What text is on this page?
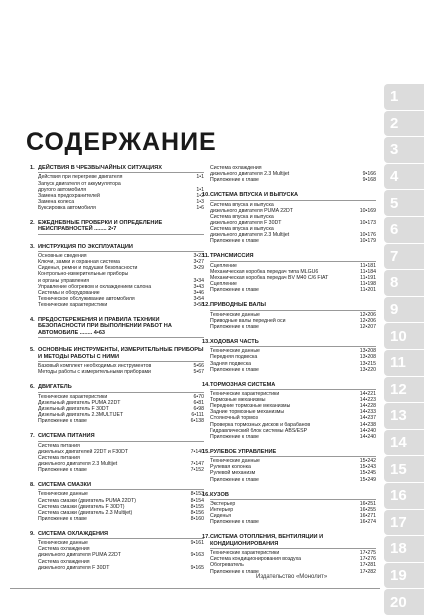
СОДЕРЖАНИЕ
1. ДЕЙСТВИЯ В ЧРЕЗВЫЧАЙНЫХ СИТУАЦИЯХ
Действия при перегреве двигателя	1•1
Запуск двигателя от аккумулятора
другого автомобиля	1•1
Замена предохранителей	1•2
Замена колеса	1•3
Буксировка автомобиля	1•6
2. ЕЖЕДНЕВНЫЕ ПРОВЕРКИ И ОПРЕДЕЛЕНИЕ НЕИСПРАВНОСТЕЙ ........ 2•7
3. ИНСТРУКЦИЯ ПО ЭКСПЛУАТАЦИИ
Основные сведения	3•23
Ключи, замки и охранная система	3•27
Сиденья, ремни и подушки безопасности	3•29
Контрольно-измерительные приборы
и органы управления	3•34
Управление обогревом и охлаждением салона	3•43
Системы и оборудование	3•46
Техническое обслуживание автомобиля	3•54
Технические характеристики	3•58
4. ПРЕДОСТЕРЕЖЕНИЯ И ПРАВИЛА ТЕХНИКИ БЕЗОПАСНОСТИ ПРИ ВЫПОЛНЕНИИ РАБОТ НА АВТОМОБИЛЕ ........ 4•63
5. ОСНОВНЫЕ ИНСТРУМЕНТЫ, ИЗМЕРИТЕЛЬНЫЕ ПРИБОРЫ И МЕТОДЫ РАБОТЫ С НИМИ
Базовый комплект необходимых инструментов	5•66
Методы работы с измерительными приборами	5•67
6. ДВИГАТЕЛЬ
Технические характеристики	6•70
Дизельный двигатель PUMA 22DT	6•81
Дизельный двигатель F 30DT	6•98
Дизельный двигатель 2.3MULTIJET	6•111
Приложение к главе	6•138
7. СИСТЕМА ПИТАНИЯ
Система питания
дизельных двигателей 22DT и F30DT	7•140
Система питания
дизельного двигателя 2.3 Multijet	7•147
Приложение к главе	7•152
8. СИСТЕМА СМАЗКИ
Технические данные	8•153
Система смазки (двигатель PUMA 22DT)	8•154
Система смазки (двигатель F 30DT)	8•155
Система смазки (двигатель 2.3 Multijet)	8•156
Приложение к главе	8•160
9. СИСТЕМА ОХЛАЖДЕНИЯ
Технические данные	9•161
Система охлаждения
дизельного двигателя PUMA 22DT	9•163
Система охлаждения
дизельного двигателя F 30DT	9•165
Система охлаждения
дизельного двигателя 2.3 Multijet	9•166
Приложение к главе	9•168
10. СИСТЕМА ВПУСКА И ВЫПУСКА
Система впуска и выпуска
дизельного двигателя PUMA 22DT	10•169
Система впуска и выпуска
дизельного двигателя F 30DT	10•173
Система впуска и выпуска
дизельного двигателя 2.3 Multijet	10•176
Приложение к главе	10•179
11. ТРАНСМИССИЯ
Сцепление	11•181
Механическая коробка передач типа MLGU6	11•184
Механическая коробка передач BV M40 C/6 FIAT	11•191
Сцепление	11•198
Приложение к главе	11•201
12. ПРИВОДНЫЕ ВАЛЫ
Технические данные	12•206
Приводные валы передней оси	12•206
Приложение к главе	12•207
13. ХОДОВАЯ ЧАСТЬ
Технические данные	13•208
Передняя подвеска	13•208
Задняя подвеска	13•215
Приложение к главе	13•220
14. ТОРМОЗНАЯ СИСТЕМА
Технические характеристики	14•221
Тормозные механизмы	14•223
Передние тормозные механизмы	14•228
Задние тормозные механизмы	14•233
Стояночный тормоз	14•237
Проверка тормозных дисков и барабанов	14•238
Гидравлический блок системы ABS/ESP	14•240
Приложение к главе	14•240
15. РУЛЕВОЕ УПРАВЛЕНИЕ
Технические данные	15•242
Рулевая колонка	15•243
Рулевой механизм	15•245
Приложение к главе	15•249
16. КУЗОВ
Экстерьер	16•251
Интерьер	16•255
Сиденья	16•271
Приложение к главе	16•274
17. СИСТЕМА ОТОПЛЕНИЯ, ВЕНТИЛЯЦИИ И КОНДИЦИОНИРОВАНИЯ
Технические характеристики	17•275
Система кондиционирования воздуха	17•276
Обогреватель	17•281
Приложение к главе	17•282
1
2
3
4
5
6
7
8
9
10
11
12
13
14
15
16
17
18
19
20
Издательство «Монолит»
